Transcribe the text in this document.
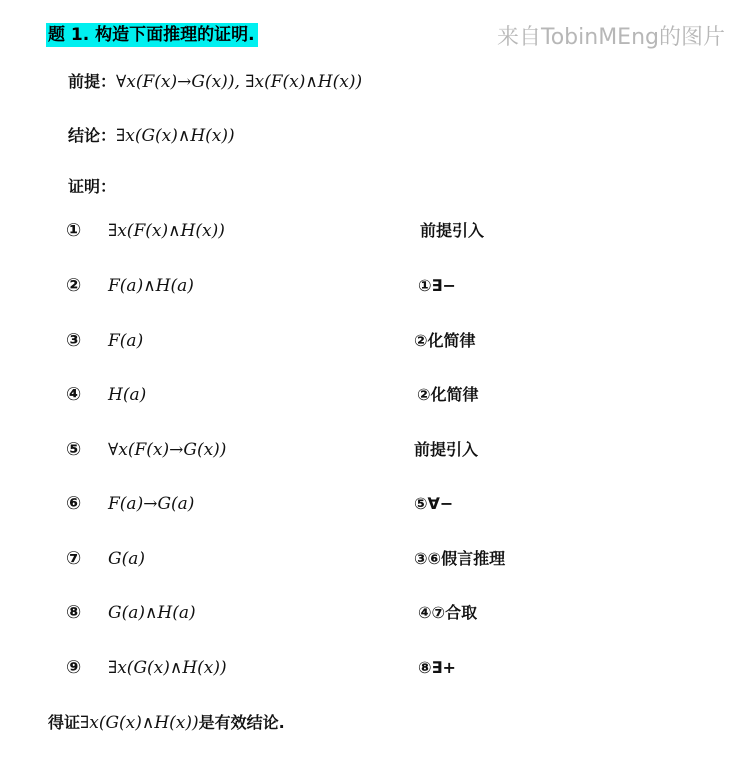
题 1. 构造下面推理的证明.	来自TobinMEng的图片
前提：∀x(F(x)→G(x)), ∃x(F(x)∧H(x))
结论：∃x(G(x)∧H(x))
证明：
①	∃x(F(x)∧H(x))	前提引入
②	F(a)∧H(a)	①∃−
③	F(a)	②化简律
④	H(a)	②化简律
⑤	∀x(F(x)→G(x))	前提引入
⑥	F(a)→G(a)	⑤∀−
⑦	G(a)	③⑥假言推理
⑧	G(a)∧H(a)	④⑦合取
⑨	∃x(G(x)∧H(x))	⑧∃+
得证∃x(G(x)∧H(x))是有效结论.
